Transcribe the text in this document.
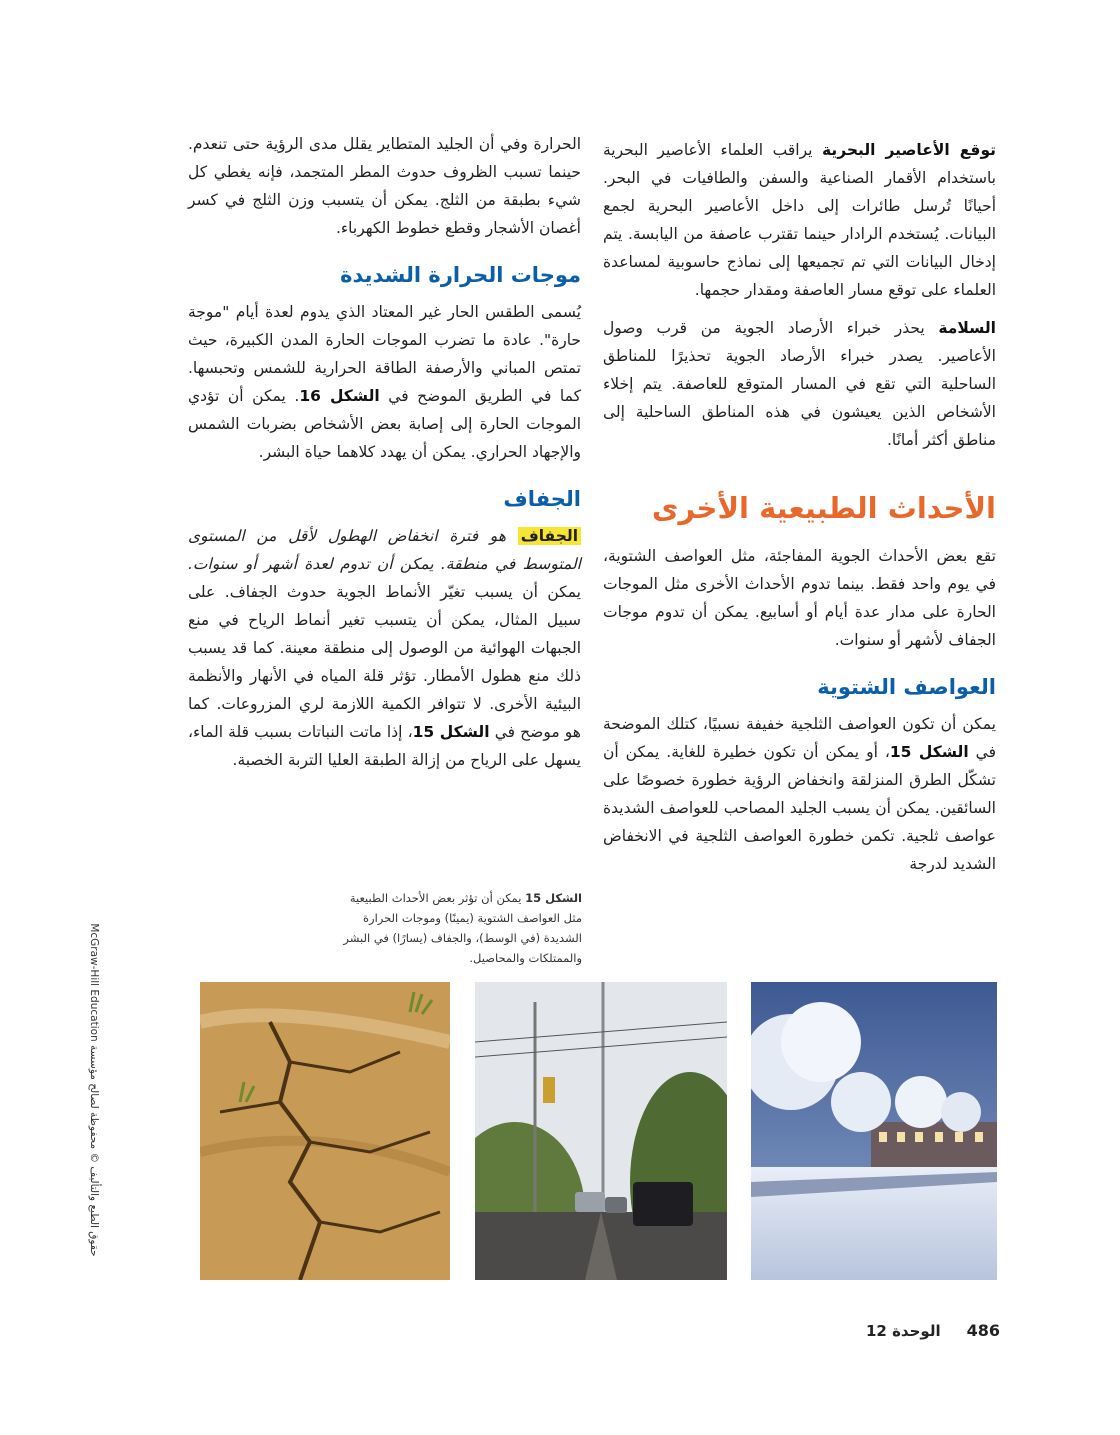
توقع الأعاصير البحرية يراقب العلماء الأعاصير البحرية باستخدام الأقمار الصناعية والسفن والطافيات في البحر. أحيانًا تُرسل طائرات إلى داخل الأعاصير البحرية لجمع البيانات. يُستخدم الرادار حينما تقترب عاصفة من اليابسة. يتم إدخال البيانات التي تم تجميعها إلى نماذج حاسوبية لمساعدة العلماء على توقع مسار العاصفة ومقدار حجمها.

السلامة يحذر خبراء الأرصاد الجوية من قرب وصول الأعاصير. يصدر خبراء الأرصاد الجوية تحذيرًا للمناطق الساحلية التي تقع في المسار المتوقع للعاصفة. يتم إخلاء الأشخاص الذين يعيشون في هذه المناطق الساحلية إلى مناطق أكثر أمانًا.

الأحداث الطبيعية الأخرى

تقع بعض الأحداث الجوية المفاجئة، مثل العواصف الشتوية، في يوم واحد فقط. بينما تدوم الأحداث الأخرى مثل الموجات الحارة على مدار عدة أيام أو أسابيع. يمكن أن تدوم موجات الجفاف لأشهر أو سنوات.

العواصف الشتوية

يمكن أن تكون العواصف الثلجية خفيفة نسبيًا، كتلك الموضحة في الشكل 15، أو يمكن أن تكون خطيرة للغاية. يمكن أن تشكّل الطرق المنزلقة وانخفاض الرؤية خطورة خصوصًا على السائقين. يمكن أن يسبب الجليد المصاحب للعواصف الشديدة عواصف ثلجية. تكمن خطورة العواصف الثلجية في الانخفاض الشديد لدرجة

الحرارة وفي أن الجليد المتطاير يقلل مدى الرؤية حتى تنعدم. حينما تسبب الظروف حدوث المطر المتجمد، فإنه يغطي كل شيء بطبقة من الثلج. يمكن أن يتسبب وزن الثلج في كسر أغصان الأشجار وقطع خطوط الكهرباء.

موجات الحرارة الشديدة

يُسمى الطقس الحار غير المعتاد الذي يدوم لعدة أيام "موجة حارة". عادة ما تضرب الموجات الحارة المدن الكبيرة، حيث تمتص المباني والأرصفة الطاقة الحرارية للشمس وتحبسها. كما في الطريق الموضح في الشكل 16. يمكن أن تؤدي الموجات الحارة إلى إصابة بعض الأشخاص بضربات الشمس والإجهاد الحراري. يمكن أن يهدد كلاهما حياة البشر.

الجفاف

الجفاف هو فترة انخفاض الهطول لأقل من المستوى المتوسط في منطقة. يمكن أن تدوم لعدة أشهر أو سنوات. يمكن أن يسبب تغيّر الأنماط الجوية حدوث الجفاف. على سبيل المثال، يمكن أن يتسبب تغير أنماط الرياح في منع الجبهات الهوائية من الوصول إلى منطقة معينة. كما قد يسبب ذلك منع هطول الأمطار. تؤثر قلة المياه في الأنهار والأنظمة البيئية الأخرى. لا تتوافر الكمية اللازمة لري المزروعات. كما هو موضح في الشكل 15، إذا ماتت النباتات بسبب قلة الماء، يسهل على الرياح من إزالة الطبقة العليا التربة الخصبة.

الشكل 15 يمكن أن تؤثر بعض الأحداث الطبيعية مثل العواصف الشتوية (يمينًا) وموجات الحرارة الشديدة (في الوسط)، والجفاف (يسارًا) في البشر والممتلكات والمحاصيل.
حقوق الطبع والتأليف © محفوظة لصالح مؤسسة McGraw-Hill Education
486
الوحدة 12
